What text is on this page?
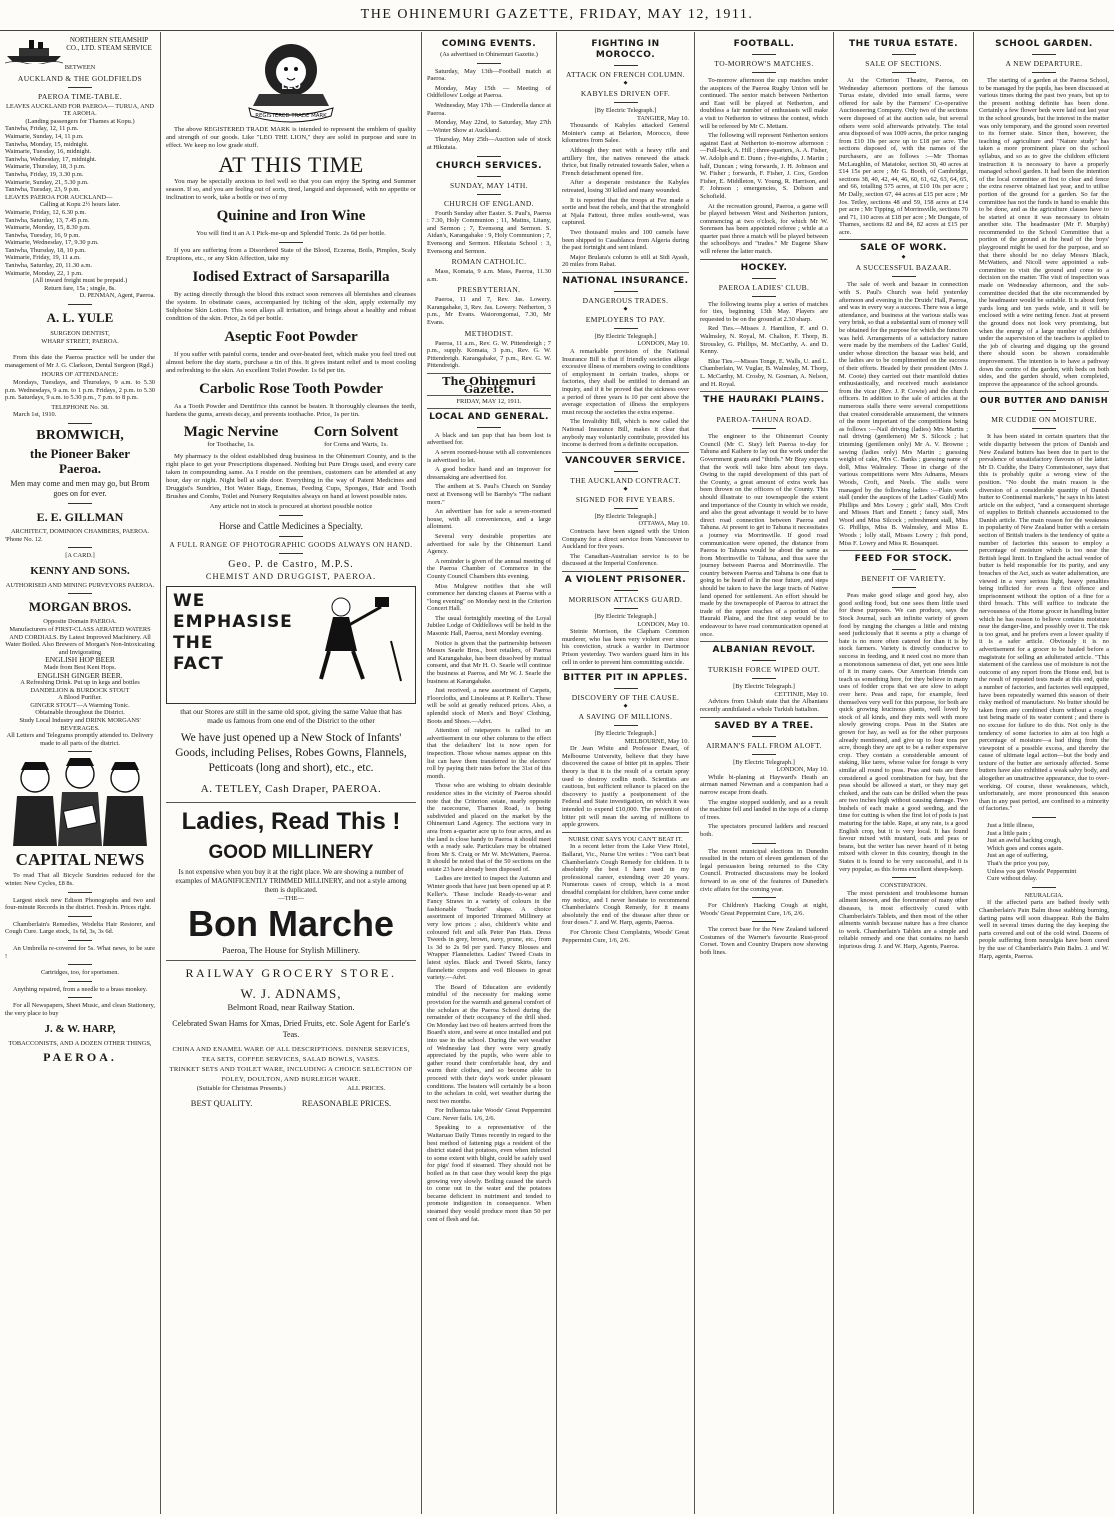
THE OHINEMURI GAZETTE, FRIDAY, MAY 12, 1911.
NORTHERN STEAMSHIP CO., LTD. STEAM SERVICE
BETWEEN
AUCKLAND & THE GOLDFIELDS
PAEROA TIME-TABLE.
LEAVES AUCKLAND FOR PAEROA— TURUA, AND TE AROHA.
(Landing passengers for Thames at Kopu.)
Taniwha, Friday, 12, 11 p.m.
Waimarie, Sunday, 14, 11 p.m.
Taniwha, Monday, 15, midnight.
Waimarie, Tuesday, 16, midnight.
Taniwha, Wednesday, 17, midnight.
Waimarie, Thursday, 18, 3 p.m.
Taniwha, Friday, 19, 3.30 p.m.
Waimarie, Sunday, 21, 5.30 p.m.
Taniwha, Tuesday, 23, 9 p.m.
LEAVES PAEROA FOR AUCKLAND—
Calling at Kopu 2½ hours later.
Waimarie, Friday, 12, 6.30 p.m.
Taniwha, Saturday, 13, 7.45 p.m.
Waimarie, Monday, 15, 8.30 p.m.
Taniwha, Tuesday, 16, 9 p.m.
Waimarie, Wednesday, 17, 9.30 p.m.
Taniwha, Thursday, 18, 10 p.m.
Waimarie, Friday, 19, 11 a.m.
Taniwha, Saturday, 20, 11.30 a.m.
Waimarie, Monday, 22, 1 p.m.
(All inward freight must be prepaid.)
Return fare, 15s ; single, 8s.
D. PENMAN, Agent, Paeroa.
A. L. YULE
SURGEON DENTIST,
WHARF STREET, PAEROA.

From this date the Paeroa practice will be under the management of Mr J. G. Clarkson, Dental Surgeon (Rgd.)

HOURS OF ATTENDANCE:

Mondays, Tuesdays, and Thursdays, 9 a.m. to 5.30 p.m. Wednesdays, 9 a.m. to 1 p.m. Fridays, 2 p.m. to 5.30 p.m. Saturdays, 9 a.m. to 5.30 p.m., 7 p.m. to 8 p.m.

TELEPHONE No. 38.

March 1st, 1910.

BROMWICH,
the Pioneer Baker
Paeroa.
Men may come and men may go, but Brom goes on for ever.
E. E. GILLMAN
ARCHITECT, DOMINION CHAMBERS, PAEROA.
'Phone No. 12.
[A CARD.]
KENNY AND SONS.
AUTHORISED AND MINING PURVEYORS PAEROA.
MORGAN BROS.
Opposite Domain PAEROA.
Manufacturers of FIRST-CLASS AERATED WATERS AND CORDIALS. By Latest Improved Machinery. All Water Boiled. Also Brewers of Morgan's Non-Intoxicating and Invigorating
ENGLISH HOP BEER
Made from Best Kent Hops.
ENGLISH GINGER BEER.
A Refreshing Drink. Put up in kegs and bottles
DANDELION & BURDOCK STOUT
A Blood Purifier.
GINGER STOUT—A Warming Tonic.
Obtainable throughout the District.
Study Local Industry and DRINK MORGANS' BEVERAGES.
All Letters and Telegrams promptly attended to. Delivery made to all parts of the district.
CAPITAL NEWS

To read That all Bicycle Sundries reduced for the winter. New Cycles, £8 8s.

Largest stock new Edison Phonographs and two and four-minute Records in the district. Fresh in. Prices right.

Chamberlain's Remedies, Wodelta Hair Restorer, and Cough Cure. Large stock, 1s 6d, 3s, 3s 6d.

An Umbrella re-covered for 5s. What news, to be sure !

Cartridges, too, for sportsmen.

Anything repaired, from a needle to a brass monkey.

For all Newspapers, Sheet Music, and clean Stationery, the very place to buy

J. & W. HARP,
TOBACCONISTS, AND A DOZEN OTHER THINGS,
PAEROA.
LEO
REGISTERED TRADE MARK

The above REGISTERED TRADE MARK is intended to represent the emblem of quality and strength of our goods. Like "LEO THE LION," they are solid in purpose and sure in effect. We keep no low grade stuff.

AT THIS TIME

You may be specially anxious to feel well so that you can enjoy the Spring and Summer season. If so, and you are feeling out of sorts, tired, languid and depressed, with no appetite or inclination to work, take a bottle or two of my

Quinine and Iron Wine
You will find it an A 1 Pick-me-up and Splendid Tonic. 2s 6d per bottle.

If you are suffering from a Disordered State of the Blood, Eczema, Boils, Pimples, Scaly Eruptions, etc., or any Skin Affection, take my

Iodised Extract of Sarsaparilla

By acting directly through the blood this extract soon removes all blemishes and cleanses the system. In obstinate cases, accompanied by itching of the skin, apply externally my Sulphoine Skin Lotion. This soon allays all irritation, and brings about a healthy and robust condition of the skin. Price, 2s 6d per bottle.

Aseptic Foot Powder

If you suffer with painful corns, tender and over-heated feet, which make you feel tired out almost before the day starts, purchase a tin of this. It gives instant relief and is most cooling and refreshing to the skin. An excellent Toilet Powder. 1s 6d per tin.

Carbolic Rose Tooth Powder

As a Tooth Powder and Dentifrice this cannot be beaten. It thoroughly cleanses the teeth, hardens the gums, arrests decay, and prevents toothache. Price, 1s per tin.

Magic Nervine
for Toothache, 1s.
Corn Solvent
for Corns and Warts, 1s.

My pharmacy is the oldest established drug business in the Ohinemuri County, and is the right place to get your Prescriptions dispensed. Nothing but Pure Drugs used, and every care taken in compounding same. As I reside on the premises, customers can be attended at any hour, day or night. Night bell at side door. Everything in the way of Patent Medicines and Druggist's Sundries, Hot Water Bags, Enemas, Feeding Cups, Sponges, Hair and Tooth Brushes and Combs, Toilet and Nursery Requisites always on hand at lowest possible rates.

Any article not in stock is procured at shortest possible notice
Horse and Cattle Medicines a Specialty.
A FULL RANGE OF PHOTOGRAPHIC GOODS ALWAYS ON HAND.
Geo. P. de Castro, M.P.S.
CHEMIST AND DRUGGIST, PAEROA.
WE
EMPHASISE
THE
FACT
that our Stores are still in the same old spot, giving the same Value that has made us famous from one end of the District to the other
We have just opened up a New Stock of Infants' Goods, including Pelises, Robes Gowns, Flannels, Petticoats (long and short), etc., etc.
A. TETLEY, Cash Draper, PAEROA.
Ladies, Read This !
GOOD MILLINERY
Is not expensive when you buy it at the right place. We are showing a number of examples of MAGNIFICENTLY TRIMMED MILLINERY, and not a style among them is duplicated.
—THE—
Bon Marche
Paeroa, The House for Stylish Millinery.
RAILWAY GROCERY STORE.
W. J. ADNAMS,
Belmont Road, near Railway Station.
Celebrated Swan Hams for Xmas, Dried Fruits, etc. Sole Agent for Earle's Teas.
CHINA AND ENAMEL WARE OF ALL DESCRIPTIONS. DINNER SERVICES, TEA SETS, COFFEE SERVICES, SALAD BOWLS, VASES.
TRINKET SETS AND TOILET WARE, INCLUDING A CHOICE SELECTION OF FOLEY, DOULTON, AND BURLEIGH WARE.
(Suitable for Christmas Presents.)	ALL PRICES.
BEST QUALITY.	REASONABLE PRICES.
COMING EVENTS.
(As advertised in Ohinemuri Gazette.)

Saturday, May 13th—Football match at Paeroa.

Monday, May 15th — Meeting of Oddfellows' Lodge at Paeroa.

Wednesday, May 17th — Cinderella dance at Paeroa.

Monday, May 22nd, to Saturday, May 27th—Winter Show at Auckland.

Thursday, May 25th—Auction sale of stock at Hikutaia.

CHURCH SERVICES.
SUNDAY, MAY 14TH.
CHURCH OF ENGLAND.

Fourth Sunday after Easter. S. Paul's, Paeroa : 7.30, Holy Communion ; 11, Matins, Litany, and Sermon ; 7, Evensong and Sermon. S. Aidan's, Karangahake : 9, Holy Communion ; 7, Evensong and Sermon. Hikutaia School : 3, Evensong and Sermon.

ROMAN CATHOLIC.

Mass, Komata, 9 a.m. Mass, Paeroa, 11.30 a.m.

PRESBYTERIAN.

Paeroa, 11 and 7, Rev. Jas. Lowery. Karangahake, 3, Rev. Jas. Lowery. Netherton, 3 p.m., Mr Evans. Waiorongomai, 7.30, Mr Evans.

METHODIST.

Paeroa, 11 a.m., Rev. G. W. Pittendreigh ; 7 p.m., supply. Komata, 3 p.m., Rev. G. W. Pittendreigh. Karangahake, 7 p.m., Rev. G. W. Pittendreigh.

The Ohinemuri Gazette.
FRIDAY, MAY 12, 1911.
LOCAL AND GENERAL.

A black and tan pup that has been lost is advertised for.

A seven roomed-house with all conveniences is advertised to let.

A good bodice hand and an improver for dressmaking are advertised for.

The anthem at S. Paul's Church on Sunday next at Evensong will be Barnby's "The radiant morn."

An advertiser has for sale a seven-roomed house, with all conveniences, and a large allotment.

Several very desirable properties are advertised for sale by the Ohinemuri Land Agency.

A reminder is given of the annual meeting of the Paeroa Chamber of Commerce in the County Council Chambers this evening.

Miss Mulgrew notifies that she will commence her dancing classes at Paeroa with a "long evening" on Monday next in the Criterion Concert Hall.

The usual fortnightly meeting of the Loyal Jubilee Lodge of Oddfellows will be held in the Masonic Hall, Paeroa, next Monday evening.

Notice is given that the partnership between Messrs Searle Bros., boot retailers, of Paeroa and Karangahake, has been dissolved by mutual consent, and that Mr H. O. Searle will continue the business at Paeroa, and Mr W. J. Searle the business at Karangahake.

Just received, a new assortment of Carpets, Floorcloths, and Linoleums at P. Keller's. These will be sold at greatly reduced prices. Also, a splendid stock of Men's and Boys' Clothing, Boots and Shoes.—Advt.

Attention of ratepayers is called to an advertisement in our other columns to the effect that the defaulters' list is now open for inspection. Those whose names appear on this list can have them transferred to the electors' roll by paying their rates before the 31st of this month.

Those who are wishing to obtain desirable residence sites in the vicinity of Paeroa should note that the Criterion estate, nearly opposite the racecourse, Thames Road, is being subdivided and placed on the market by the Ohinemuri Land Agency. The sections vary in area from a-quarter acre up to four acres, and as the land is close handy to Paeroa it should meet with a ready sale. Particulars may be obtained from Mr S. Craig or Mr W. McWatters, Paeroa. It should be noted that of the 50 sections on the estate 23 have already been disposed of.

Ladies are invited to inspect the Autumn and Winter goods that have just been opened up at P. Keller's. These include Ready-to-wear and Fancy Straws in a variety of colours in the fashionable "bucket" shape. A choice assortment of imported Trimmed Millinery at very low prices ; also, children's white and coloured felt and silk Peter Pan Hats. Dress Tweeds in grey, brown, navy, prune, etc., from 1s 3d to 2s 9d per yard. Fancy Blouses and Wrapper Flannelettes. Ladies' Tweed Coats in latest styles. Black and Tweed Skirts, fancy flannelette crepons and voil Blouses in great variety.—Advt.

The Board of Education are evidently mindful of the necessity for making some provision for the warmth and general comfort of the scholars at the Paeroa School during the remainder of their occupancy of the drill shed. On Monday last two oil heaters arrived from the Board's store, and were at once installed and put into use in the school. During the wet weather of Wednesday last they were very greatly appreciated by the pupils, who were able to gather round their comfortable heat, dry and warm their clothes, and so become able to proceed with their day's work under pleasant conditions. The heaters will certainly be a boon to the scholars in cold, wet weather during the next two months.

For Influenza take Woods' Great Peppermint Cure. Never fails. 1/6, 2/6.

Speaking to a representative of the Waitaruao Daily Times recently in regard to the best method of fattening pigs a resident of the district stated that potatoes, even when infected to some extent with blight, could be safely used for pigs' food if steamed. They should not be boiled as in that case they would keep the pigs growing very slowly. Boiling caused the starch to come out in the water and the potatoes became deficient in nutriment and tended to promote indigestion in consequence. When steamed they would produce more than 50 per cent of flesh and fat.

FIGHTING IN MOROCCO.
ATTACK ON FRENCH COLUMN.
◆
KABYLES DRIVEN OFF.
[By Electric Telegraph.]
TANGIER, May 10.

Thousands of Kabyles attacked General Moinier's camp at Belarion, Morocco, three kilometres from Salee.

Although they met with a heavy rifle and artillery fire, the natives renewed the attack thrice, but finally retreated towards Salee, when a French detachment opened fire.

After a desperate resistance the Kabyles retreated, losing 30 killed and many wounded.

It is reported that the troops at Fez made a sortie and beat the rebels, and that the stronghold at Njala Fattoui, three miles south-west, was captured.

Two thousand mules and 100 camels have been shipped to Casablanca from Algeria during the past fortnight and sent inland.

Major Brulara's column is still at Sidi Ayash, 20 miles from Rabat.

NATIONAL INSURANCE.
DANGEROUS TRADES.
◆
EMPLOYERS TO PAY.
[By Electric Telegraph.]
LONDON, May 10.

A remarkable provision of the National Insurance Bill is that if friendly societies allege excessive illness of members owing to conditions of employment in certain trades, shops or factories, they shall be entitled to demand an inquiry, and if it be proved that the sickness over a period of three years is 10 per cent above the average expectation of illness the employers must recoup the societies the extra expense.

The Invalidity Bill, which is now called the National Insurance Bill, makes it clear that anybody may voluntarily contribute, provided his income is derived from a definite occupation.

VANCOUVER SERVICE.
THE AUCKLAND CONTRACT.
◆
SIGNED FOR FIVE YEARS.
[By Electric Telegraph.]
OTTAWA, May 10.

Contracts have been signed with the Union Company for a direct service from Vancouver to Auckland for five years.

The Canadian-Australian service is to be discussed at the Imperial Conference.

A VIOLENT PRISONER.
MORRISON ATTACKS GUARD.
[By Electric Telegraph.]
LONDON, May 10.

Steinie Morrison, the Clapham Common murderer, who has been very violent ever since his conviction, struck a warder in Dartmoor Prison yesterday. Two warders guard him in his cell in order to prevent him committing suicide.

BITTER PIT IN APPLES.
DISCOVERY OF THE CAUSE.
◆
A SAVING OF MILLIONS.
[By Electric Telegraph.]
MELBOURNE, May 10.

Dr Jean White and Professor Ewart, of Melbourne University, believe that they have discovered the cause of bitter pit in apples. Their theory is that it is the result of a certain spray used to destroy codlin moth. Scientists are cautious, but sufficient reliance is placed on the discovery to justify a postponement of the Federal and State investigation, on which it was intended to expend £10,000. The prevention of bitter pit will mean the saving of millions to apple growers.

NURSE ONE SAYS YOU CAN'T BEAT IT.

In a recent letter from the Lake View Hotel, Ballarat, Vic., Nurse Ure writes : "You can't beat Chamberlain's Cough Remedy for children. It is absolutely the best I have used in my professional career, extending over 20 years. Numerous cases of croup, which is a most dreadful complaint for children, have come under my notice, and I never hesitate to recommend Chamberlain's Cough Remedy, for it means absolutely the end of the disease after three or four doses." J. and W. Harp, agents, Paeroa.

For Chronic Chest Complaints, Woods' Great Peppermint Cure, 1/6, 2/6.

FOOTBALL.
TO-MORROW'S MATCHES.

To-morrow afternoon the cup matches under the auspices of the Paeroa Rugby Union will be continued. The senior match between Netherton and East will be played at Netherton, and doubtless a fair number of enthusiasts will make a visit to Netherton to witness the contest, which will be refereed by Mr C. Mettam.

The following will represent Netherton seniors against East at Netherton to-morrow afternoon :—Full-back, A. Hill ; three-quarters, A. A. Fisher, W. Adolph and E. Dunn ; five-eighths, J. Martin ; half, Duncan ; wing forwards, J. H. Johnson and W. Fisher ; forwards, F. Fisher, J. Cox, Gordon Fisher, E. Middleton, V. Young, R. Harrison, and F. Johnson ; emergencies, S. Dobson and Schofield.

At the recreation ground, Paeroa, a game will be played between West and Netherton juniors, commencing at two o'clock, for which Mr W. Sorensen has been appointed referee ; while at a quarter past three a match will be played between the schoolboys and "trades." Mr Eugene Shaw will referee the latter match.

HOCKEY.
PAEROA LADIES' CLUB.

The following teams play a series of matches for ties, beginning 13th May. Players are requested to be on the ground at 2.30 sharp.

Red Ties.—Misses J. Hamilton, F. and O. Walmsley, N. Royal, M. Chalton, F. Thorp, B. Strousley, G. Phillips, M. McCarthy, A. and D. Kenny.

Blue Ties.—Misses Tonge, E. Walls, U. and L. Chamberlain, W. Vuglar, B. Walmsley, M. Thorp, L. McCarthy, M. Crosby, N. Gosman, A. Nelson, and H. Royal.

THE HAURAKI PLAINS.
PAEROA-TAHUNA ROAD.

The engineer to the Ohinemuri County Council (Mr C. Stay) left Paeroa to-day for Tahuna and Kaihere to lay out the work under the Government grants and "thirds." Mr Bray expects that the work will take him about ten days. Owing to the rapid development of this part of the County, a great amount of extra work has been thrown on the officers of the County. This should illustrate to our townspeople the extent and importance of the County in which we reside, and also the great advantage it would be to have direct road connection between Paeroa and Tahuna. At present to get to Tahuna it necessitates a journey via Morrinsville. If good road communication were opened, the distance from Paeroa to Tahuna would be about the same as from Morrinsville to Tahuna, and thus save the journey between Paeroa and Morrinsville. The country between Paeroa and Tahuna is one that is going to be heard of in the near future, and steps should be taken to have the large tracts of Native land opened for settlement. An effort should be made by the townspeople of Paeroa to attract the trade of the upper reaches of a portion of the Hauraki Plains, and the first step would be to endeavour to have road communication opened at once.

ALBANIAN REVOLT.
TURKISH FORCE WIPED OUT.
[By Electric Telegraph.]
CETTINJE, May 10.

Advices from Uskub state that the Albanians recently annihilated a whole Turkish battalion.

SAVED BY A TREE.
AIRMAN'S FALL FROM ALOFT.
[By Electric Telegraph.]
LONDON, May 10.

While bi-planing at Hayward's Heath an airman named Newman and a companion had a narrow escape from death.

The engine stopped suddenly, and as a result the machine fell and landed in the tops of a clump of trees.

The spectators procured ladders and rescued both.

The recent municipal elections in Dunedin resulted in the return of eleven gentlemen of the legal persuasion being returned to the City Council. Protracted discussions may be looked forward to as one of the features of Dunedin's civic affairs for the coming year.

For Children's Hacking Cough at night, Woods' Great Peppermint Cure, 1/6, 2/6.

The correct base for the New Zealand tailored Costumes of the Warner's favourite Rust-proof Corset. Town and Country Drapers now showing both lines.

THE TURUA ESTATE.
SALE OF SECTIONS.

At the Criterion Theatre, Paeroa, on Wednesday afternoon portions of the famous Turua estate, divided into small farms, were offered for sale by the Farmers' Co-operative Auctioneering Company. Only two of the sections were disposed of at the auction sale, but several others were sold afterwards privately. The total area disposed of was 1009 acres, the price ranging from £10 10s per acre up to £18 per acre. The sections disposed of, with the names of the purchasers, are as follows :—Mr Thomas McLaughlin, of Matatoke, section 30, 40 acres at £14 15s per acre ; Mr G. Booth, of Cambridge, sections 38, 40, 42, 44, 46, 60, 61, 62, 63, 64, 65, and 66, totalling 575 acres, at £10 10s per acre ; Mr Dally, section 67, 44 acres at £15 per acre ; Mr Jos. Tetley, sections 48 and 59, 158 acres at £14 per acre ; Mr Tipping, of Morrinsville, sections 70 and 71, 110 acres at £18 per acre ; Mr Dungate, of Thames, sections 82 and 84, 82 acres at £15 per acre.

SALE OF WORK.
◆
A SUCCESSFUL BAZAAR.

The sale of work and bazaar in connection with S. Paul's Church was held yesterday afternoon and evening in the Druids' Hall, Paeroa, and was in every way a success. There was a large attendance, and business at the various stalls was very brisk, so that a substantial sum of money will be obtained for the purpose for which the function was held. Arrangements of a satisfactory nature were made by the members of the Ladies' Guild, under whose direction the bazaar was held, and the ladies are to be complimented on the success of their efforts. Headed by their president (Mrs J. M. Coote) they carried out their manifold duties enthusiastically, and received much assistance from the vicar (Rev. J. P. Cowie) and the church officers. In addition to the sale of articles at the numerous stalls there were several competitions that created considerable amusement, the winners of the more important of the competitions being as follows :—Nail driving (ladies) Mrs Martin ; nail driving (gentlemen) Mr S. Silcock ; hat trimming (gentlemen only) Mr A. V. Browne ; sawing (ladies only) Mrs Martin ; guessing weight of cake, Mrs C. Banks ; guessing name of doll, Miss Walmsley. Those in charge of the various competitions were Mrs Adnams, Messrs Woods, Croft, and Neels. The stalls were managed by the following ladies :—Plain work stall (under the auspices of the Ladies' Guild) Mrs Phillips and Mrs Lowry ; girls' stall, Mrs Croft and Misses Hart and Ennett ; fancy stall, Mrs Wood and Miss Silcock ; refreshment stall, Miss G. Phillips, Miss B. Walmsley, and Miss E. Woods ; lolly stall, Misses Lowry ; fish pond, Miss F. Lowry and Miss R. Bosanquet.

FEED FOR STOCK.
BENEFIT OF VARIETY.

Peas make good silage and good hay, also good soiling food, but one sees them little used for these purposes. We can produce, says the Stock Journal, such an infinite variety of green food by ranging the changes a little and mixing seed judiciously that it seems a pity a change of bate is no more often catered for than it is by stock farmers. Variety is directly conducive to success in feeding, and it need cost no more than a monotonous sameness of diet, yet one sees little of it in many cases. Our American friends can teach us something here, for they believe in many uses of fodder crops that we are slow to adopt over here. Peas and rape, for example, feed themselves very well for this purpose, for both are quick growing leucinous plants, well loved by stock of all kinds, and they mix well with more slowly growing crops. Peas in the States are grown for hay, as well as for the other purposes already mentioned, and give up to four tons per acre, though they are apt to be a rather expensive crop. They contain a considerable amount of staking, like tares, whose value for forage is very similar all round to peas. Peas and oats are there considered a good combination for hay, but the peas should be allowed a start, or they may get choked, and the oats can be drilled when the peas are two inches high without causing damage. Two bushels of each make a good seeding, and the time for cutting is when the first lot of pods is just maturing for the table. Rape, at any rate, is a good English crop, but it is very local. It has found favour mixed with mustard, oats and peas or beans, but the writer has never heard of it being mixed with clover in this country, though in the States it is found to be very successful, and it is very popular, as this forms excellent sheep-keep.

CONSTIPATION.

The most persistent and troublesome human ailment known, and the forerunner of many other diseases, is most effectively cured with Chamberlain's Tablets, and then most of the other ailments vanish because nature has a free chance to work. Chamberlain's Tablets are a simple and reliable remedy and one that contains no harsh injurious drug. J. and W. Harp, Agents, Paeroa.

SCHOOL GARDEN.
A NEW DEPARTURE.

The starting of a garden at the Paeroa School, to be managed by the pupils, has been discussed at various times during the past two years, but up to the present nothing definite has been done. Certainly a few flower beds were laid out last year in the school grounds, but the interest in the matter was only temporary, and the ground soon reverted to its former state. Since then, however, the teaching of agriculture and "Nature study" has taken a more prominent place on the school syllabus, and so as to give the children efficient instruction it is necessary to have a properly managed school garden. It had been the intention of the local committee at first to clear and fence the extra reserve obtained last year, and to utilise portion of the ground for a garden. So far the committee has not the funds in hand to enable this to be done, and as the agriculture classes have to be started at once it was necessary to obtain another site. The headmaster (Mr F. Murphy) recommended to the School Committee that a portion of the ground at the head of the boys' playground might be used for the purpose, and so that there should be no delay Messrs Black, McWatters, and Nicoll were appointed a sub-committee to visit the ground and come to a decision on the matter. The visit of inspection was made on Wednesday afternoon, and the sub-committee decided that the site recommended by the headmaster would be suitable. It is about forty yards long and ten yards wide, and it will be enclosed with a wire netting fence. Just at present the ground does not look very promising, but when the energy of a large number of children under the supervision of the teachers is applied to the job of clearing and digging up the ground there should soon be shown considerable improvement. The intention is to have a pathway down the centre of the garden, with beds on both sides, and the garden should, when completed, improve the appearance of the school grounds.

OUR BUTTER AND DANISH
MR CUDDIE ON MOISTURE.

It has been stated in certain quarters that the wide disparity between the prices of Danish and New Zealand butters has been due in part to the prevalence of unsatisfactory flavours of the latter. Mr D. Cuddie, the Dairy Commissioner, says that this is probably quite a wrong view of the position. "No doubt the main reason is the diversion of a considerable quantity of Danish butter to Continental markets," he says in his latest article on the subject, "and a consequent shortage of supplies to British channels accustomed to the Danish article. The main reason for the weakness in popularity of New Zealand butter with a certain section of British traders is the tendency of quite a number of factories this season to employ a percentage of moisture which is too near the British legal limit. In England the actual vendor of butter is held responsible for its purity, and any breaches of the Act, such as water adulteration, are viewed in a very serious light, heavy penalties being inflicted for even a first offence and imprisonment without the option of a fine for a third breach. This will suffice to indicate the nervousness of the Home grocer in handling butter which he has reason to believe contains moisture near the danger-line, and possibly over it. The risk is too great, and he prefers even a lower quality if it is a safer article. Obviously it is no advertisement for a grocer to be hauled before a magistrate for selling an adulterated article. "This statement of the careless use of moisture is not the outcome of any report from the Home end, but is the result of repeated tests made at this end, quite a number of factories, and factories well equipped, have been repeatedly warned this season of their risky method of manufacture. No butter should be taken from any combined churn without a rough test being made of its water content ; and there is no excuse for failure to do this. Not only is the tendency of some factories to aim at too high a percentage of moisture—a bad thing from the viewpoint of a possible excess, and thereby the cause of ultimate legal action—but the body and texture of the butter are seriously affected. Some butters have also exhibited a weak salvy body, and altogether an unattractive appearance, due to over-working. Of course, these weaknesses, which, unfortunately, are more pronounced this season than in any past period, are confined to a minority of factories."

Just a little illness,
Just a little pain ;
Just an awful hacking cough,
Which goes and comes again.
Just an age of suffering,
That's the price you pay,
Unless you get Woods' Peppermint
Cure without delay.
NEURALGIA.

If the affected parts are bathed freely with Chamberlain's Pain Balm those stabbing burning, darting pains will soon disappear. Rub the Balm well in several times during the day keeping the parts covered and out of the cold wind. Dozens of people suffering from neuralgia have been cured by the use of Chamberlain's Pain Balm. J. and W. Harp, agents, Paeroa.
